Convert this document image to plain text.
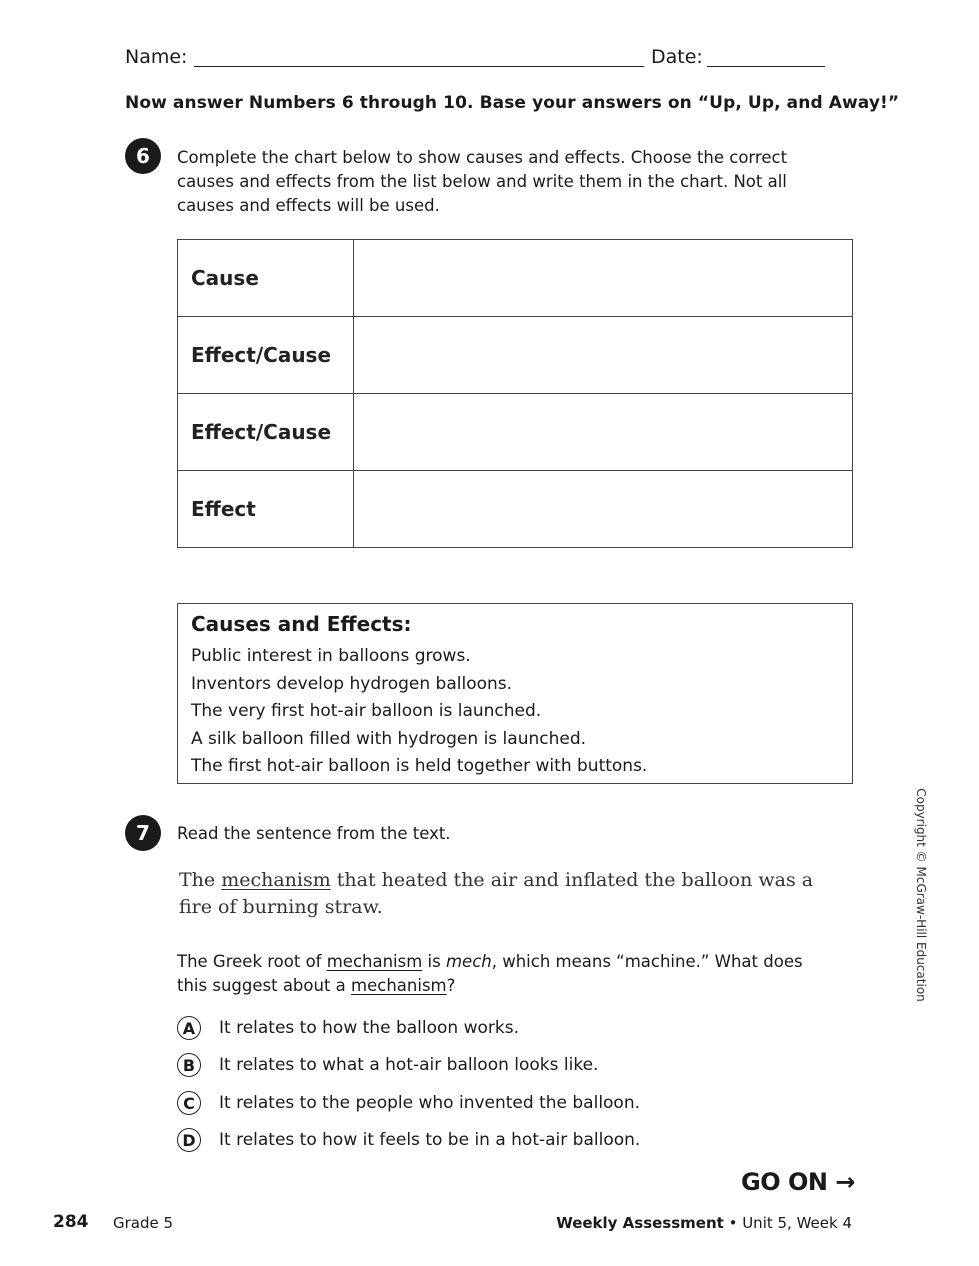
Name:	Date:
Now answer Numbers 6 through 10. Base your answers on “Up, Up, and Away!”
6	Complete the chart below to show causes and effects. Choose the correct causes and effects from the list below and write them in the chart. Not all causes and effects will be used.
Cause	
Effect/Cause	
Effect/Cause	
Effect	
Causes and Effects:
Public interest in balloons grows.
Inventors develop hydrogen balloons.
The very first hot-air balloon is launched.
A silk balloon filled with hydrogen is launched.
The first hot-air balloon is held together with buttons.
7	Read the sentence from the text.
The mechanism that heated the air and inflated the balloon was a fire of burning straw.
The Greek root of mechanism is mech, which means “machine.” What does this suggest about a mechanism?
A	It relates to how the balloon works.
B	It relates to what a hot-air balloon looks like.
C	It relates to the people who invented the balloon.
D	It relates to how it feels to be in a hot-air balloon.
GO ON →
284 Grade 5	Weekly Assessment • Unit 5, Week 4
Copyright © McGraw-Hill Education
